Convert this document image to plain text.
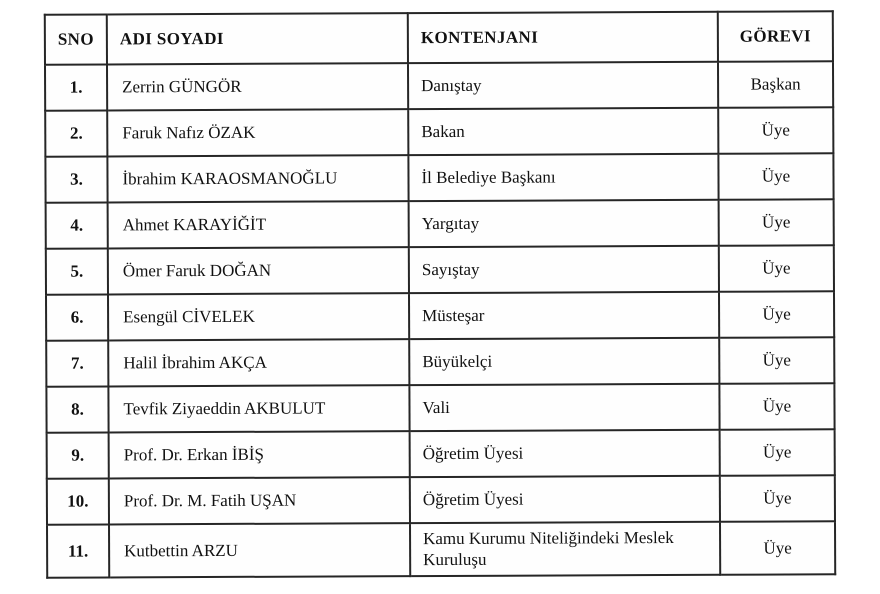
SNO	ADI SOYADI	KONTENJANI	GÖREVI
1.	Zerrin GÜNGÖR	Danıştay	Başkan
2.	Faruk Nafız ÖZAK	Bakan	Üye
3.	İbrahim KARAOSMANOĞLU	İl Belediye Başkanı	Üye
4.	Ahmet KARAYİĞİT	Yargıtay	Üye
5.	Ömer Faruk DOĞAN	Sayıştay	Üye
6.	Esengül CİVELEK	Müsteşar	Üye
7.	Halil İbrahim AKÇA	Büyükelçi	Üye
8.	Tevfik Ziyaeddin AKBULUT	Vali	Üye
9.	Prof. Dr. Erkan İBİŞ	Öğretim Üyesi	Üye
10.	Prof. Dr. M. Fatih UŞAN	Öğretim Üyesi	Üye
11.	Kutbettin ARZU	Kamu Kurumu Niteliğindeki Meslek Kuruluşu	Üye
